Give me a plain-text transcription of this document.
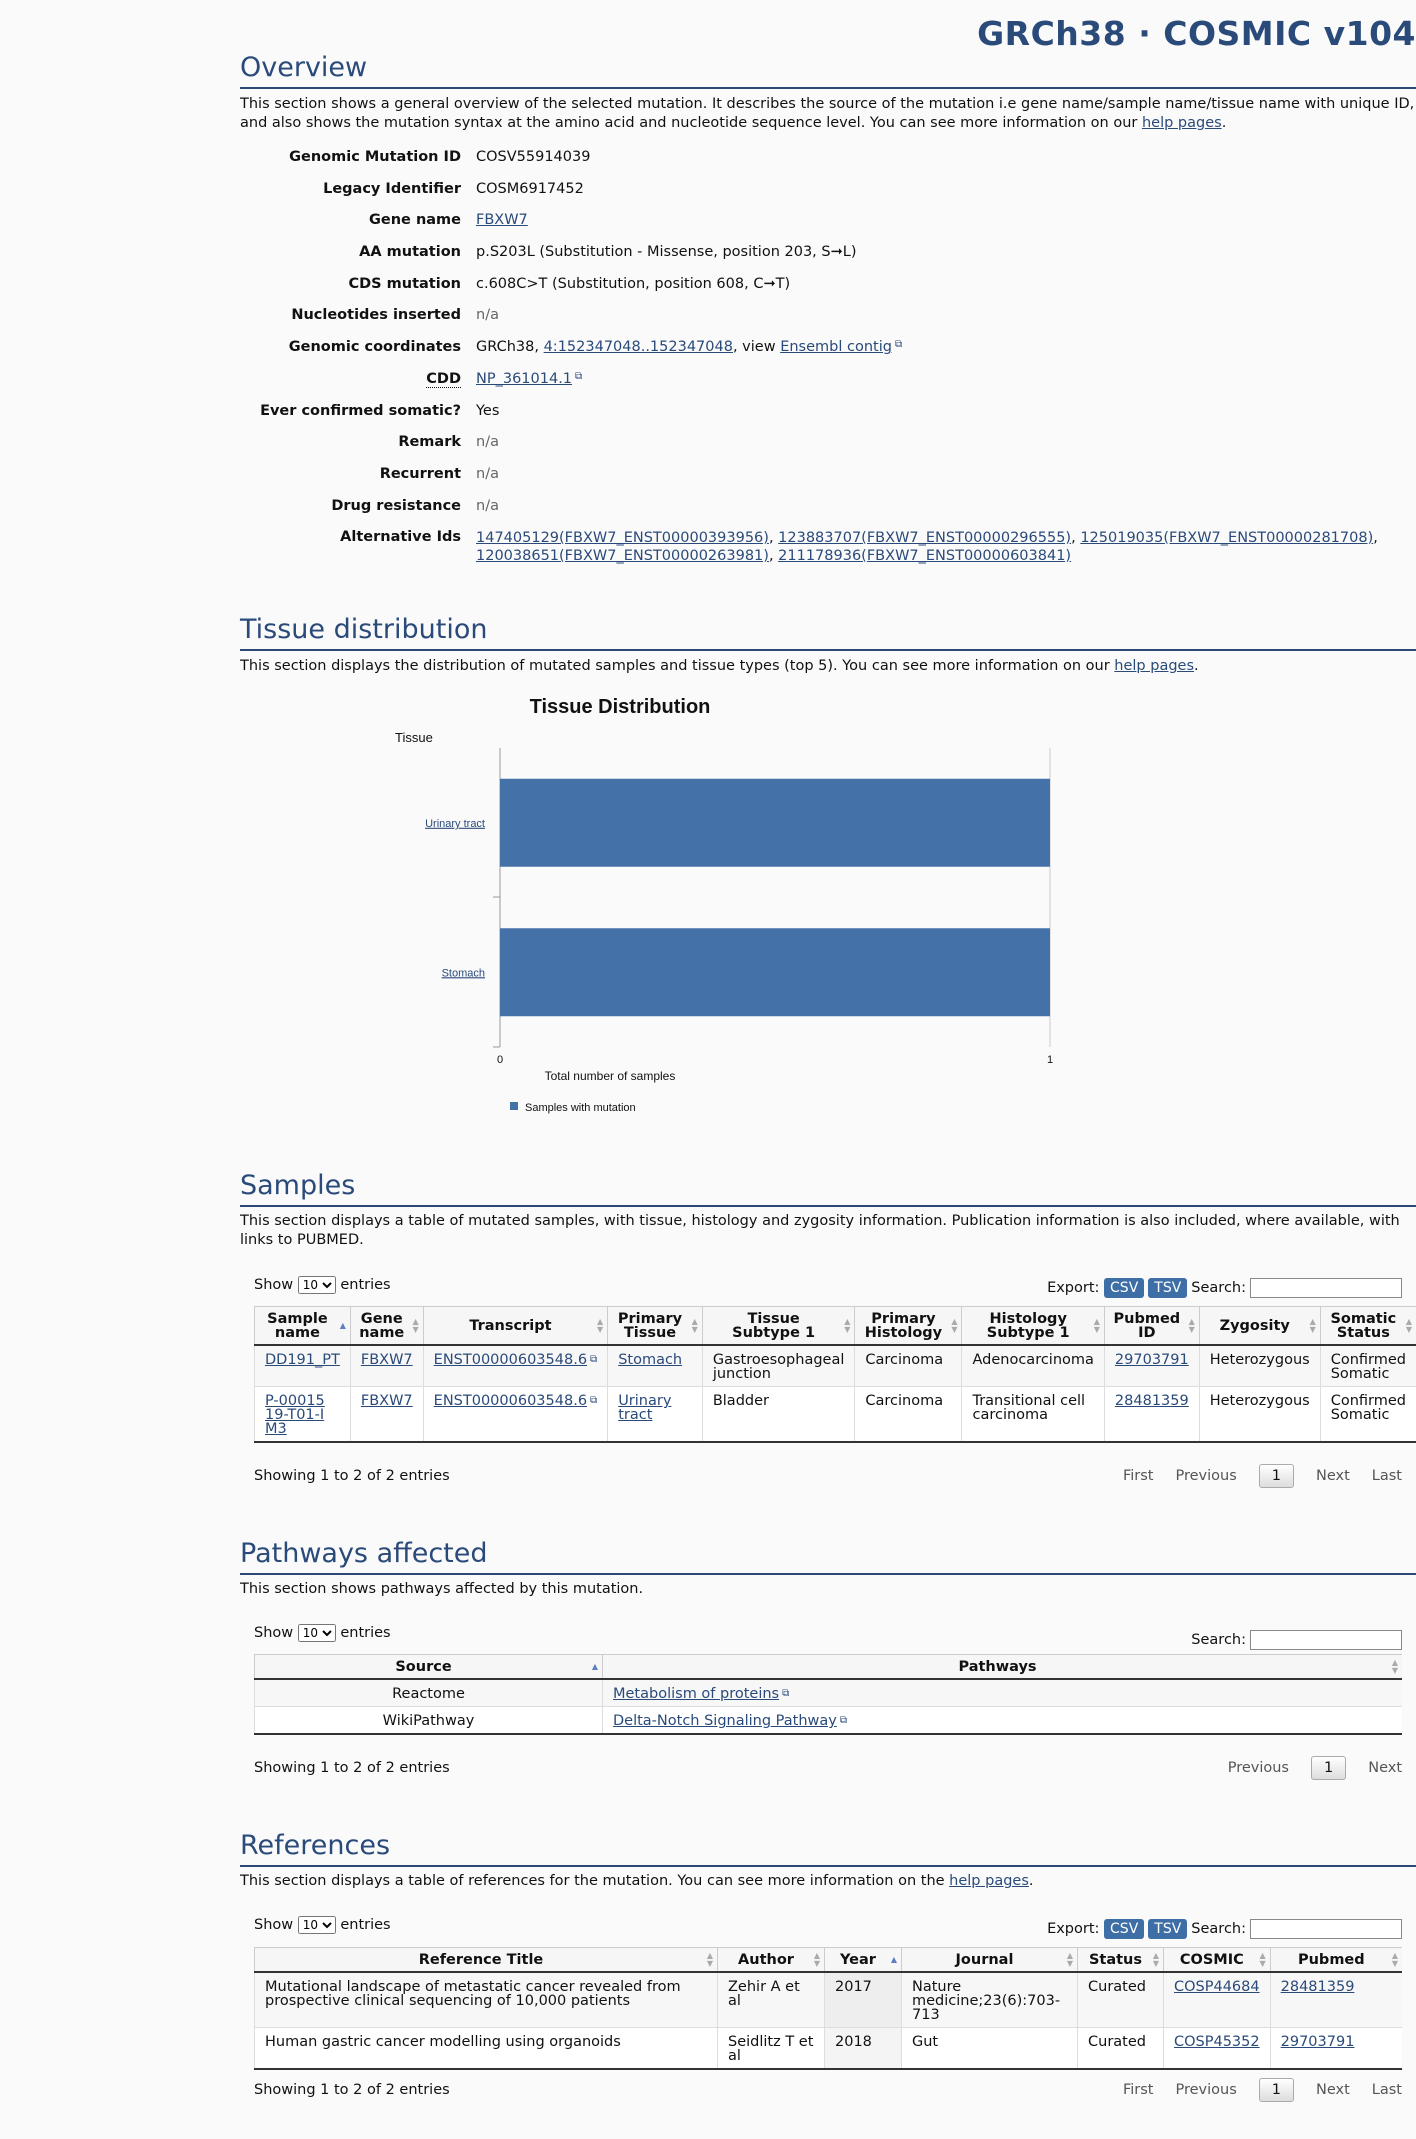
GRCh38 · COSMIC v104
Overview

This section shows a general overview of the selected mutation. It describes the source of the mutation i.e gene name/sample name/tissue name with unique ID, and also shows the mutation syntax at the amino acid and nucleotide sequence level. You can see more information on our help pages.

Genomic Mutation ID	COSV55914039
Legacy Identifier	COSM6917452
Gene name	FBXW7
AA mutation	p.S203L (Substitution - Missense, position 203, S➞L)
CDS mutation	c.608C>T (Substitution, position 608, C➞T)
Nucleotides inserted	n/a
Genomic coordinates	GRCh38, 4:152347048..152347048, view Ensembl contig ⧉
CDD	NP_361014.1 ⧉
Ever confirmed somatic?	Yes
Remark	n/a
Recurrent	n/a
Drug resistance	n/a
Alternative Ids	147405129(FBXW7_ENST00000393956), 123883707(FBXW7_ENST00000296555), 125019035(FBXW7_ENST00000281708),
120038651(FBXW7_ENST00000263981), 211178936(FBXW7_ENST00000603841)
Tissue distribution

This section displays the distribution of mutated samples and tissue types (top 5). You can see more information on our help pages.

Tissue Distribution
Tissue
Urinary tract
Stomach
0	1
Total number of samples
Samples with mutation
Samples

This section displays a table of mutated samples, with tissue, histology and zygosity information. Publication information is also included, where available, with links to PUBMED.

Show
10	entries	Export: CSV TSV Search:
Sample
name ▲	Gene
name
▲
▼	Transcript ▲
▼	Primary
Tissue
▲
▼	Tissue
Subtype 1
▲
▼	Primary
Histology
▲
▼	Histology
Subtype 1
▲
▼	Pubmed
ID
▲
▼	Zygosity ▲
▼	Somatic
Status
▲
▼

DD191_PT	FBXW7	ENST00000603548.6 ⧉	Stomach	Gastroesophageal junction	Carcinoma	Adenocarcinoma	29703791	Heterozygous	Confirmed Somatic
P-0001519-T01-IM3	FBXW7	ENST00000603548.6 ⧉	Urinary tract	Bladder	Carcinoma	Transitional cell carcinoma	28481359	Heterozygous	Confirmed Somatic
Showing 1 to 2 of 2 entries	First Previous 1 Next Last
Pathways affected

This section shows pathways affected by this mutation.

Show
10	entries	Search:
Source ▲	Pathways ▲
▼

Reactome	Metabolism of proteins ⧉
WikiPathway	Delta-Notch Signaling Pathway ⧉
Showing 1 to 2 of 2 entries	Previous 1 Next
References

This section displays a table of references for the mutation. You can see more information on the help pages.

Show
10	entries	Export: CSV TSV Search:
Reference Title ▲
▼	Author ▲
▼	Year ▲	Journal ▲
▼	Status ▲
▼	COSMIC ▲
▼	Pubmed ▲
▼

Mutational landscape of metastatic cancer revealed from prospective clinical sequencing of 10,000 patients	Zehir A et al	2017	Nature medicine;23(6):703-713	Curated	COSP44684	28481359
Human gastric cancer modelling using organoids	Seidlitz T et al	2018	Gut	Curated	COSP45352	29703791
Showing 1 to 2 of 2 entries	First Previous 1 Next Last
